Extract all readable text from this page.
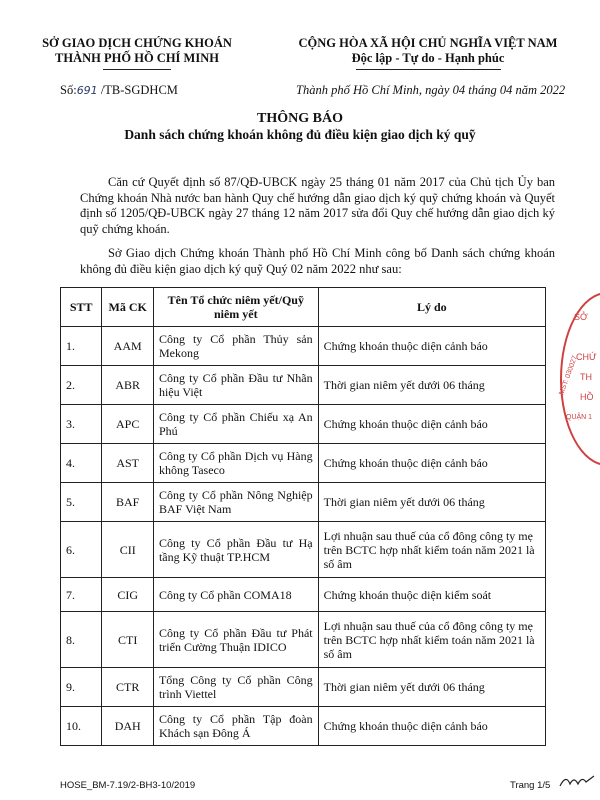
SỞ GIAO DỊCH CHỨNG KHOÁN
THÀNH PHỐ HỒ CHÍ MINH
CỘNG HÒA XÃ HỘI CHỦ NGHĨA VIỆT NAM
Độc lập - Tự do - Hạnh phúc
Số:691 /TB-SGDHCM	Thành phố Hồ Chí Minh, ngày 04 tháng 04 năm 2022
THÔNG BÁO
Danh sách chứng khoán không đủ điều kiện giao dịch ký quỹ
Căn cứ Quyết định số 87/QĐ-UBCK ngày 25 tháng 01 năm 2017 của Chủ tịch Ủy ban Chứng khoán Nhà nước ban hành Quy chế hướng dẫn giao dịch ký quỹ chứng khoán và Quyết định số 1205/QĐ-UBCK ngày 27 tháng 12 năm 2017 sửa đổi Quy chế hướng dẫn giao dịch ký quỹ chứng khoán.
Sở Giao dịch Chứng khoán Thành phố Hồ Chí Minh công bố Danh sách chứng khoán không đủ điều kiện giao dịch ký quỹ Quý 02 năm 2022 như sau:
STT	Mã CK	Tên Tổ chức niêm yết/Quỹ niêm yết	Lý do
1.	AAM	Công ty Cổ phần Thủy sản Mekong	Chứng khoán thuộc diện cảnh báo
2.	ABR	Công ty Cổ phần Đầu tư Nhãn hiệu Việt	Thời gian niêm yết dưới 06 tháng
3.	APC	Công ty Cổ phần Chiếu xạ An Phú	Chứng khoán thuộc diện cảnh báo
4.	AST	Công ty Cổ phần Dịch vụ Hàng không Taseco	Chứng khoán thuộc diện cảnh báo
5.	BAF	Công ty Cổ phần Nông Nghiệp BAF Việt Nam	Thời gian niêm yết dưới 06 tháng
6.	CII	Công ty Cổ phần Đầu tư Hạ tầng Kỹ thuật TP.HCM	Lợi nhuận sau thuế của cổ đông công ty mẹ trên BCTC hợp nhất kiểm toán năm 2021 là số âm
7.	CIG	Công ty Cổ phần COMA18	Chứng khoán thuộc diện kiểm soát
8.	CTI	Công ty Cổ phần Đầu tư Phát triển Cường Thuận IDICO	Lợi nhuận sau thuế của cổ đông công ty mẹ trên BCTC hợp nhất kiểm toán năm 2021 là số âm
9.	CTR	Tổng Công ty Cổ phần Công trình Viettel	Thời gian niêm yết dưới 06 tháng
10.	DAH	Công ty Cổ phần Tập đoàn Khách sạn Đông Á	Chứng khoán thuộc diện cảnh báo
SỞ
CHỨ
TH
HỒ
QUẬN 1
MST: 030027
HOSE_BM-7.19/2-BH3-10/2019	Trang 1/5
